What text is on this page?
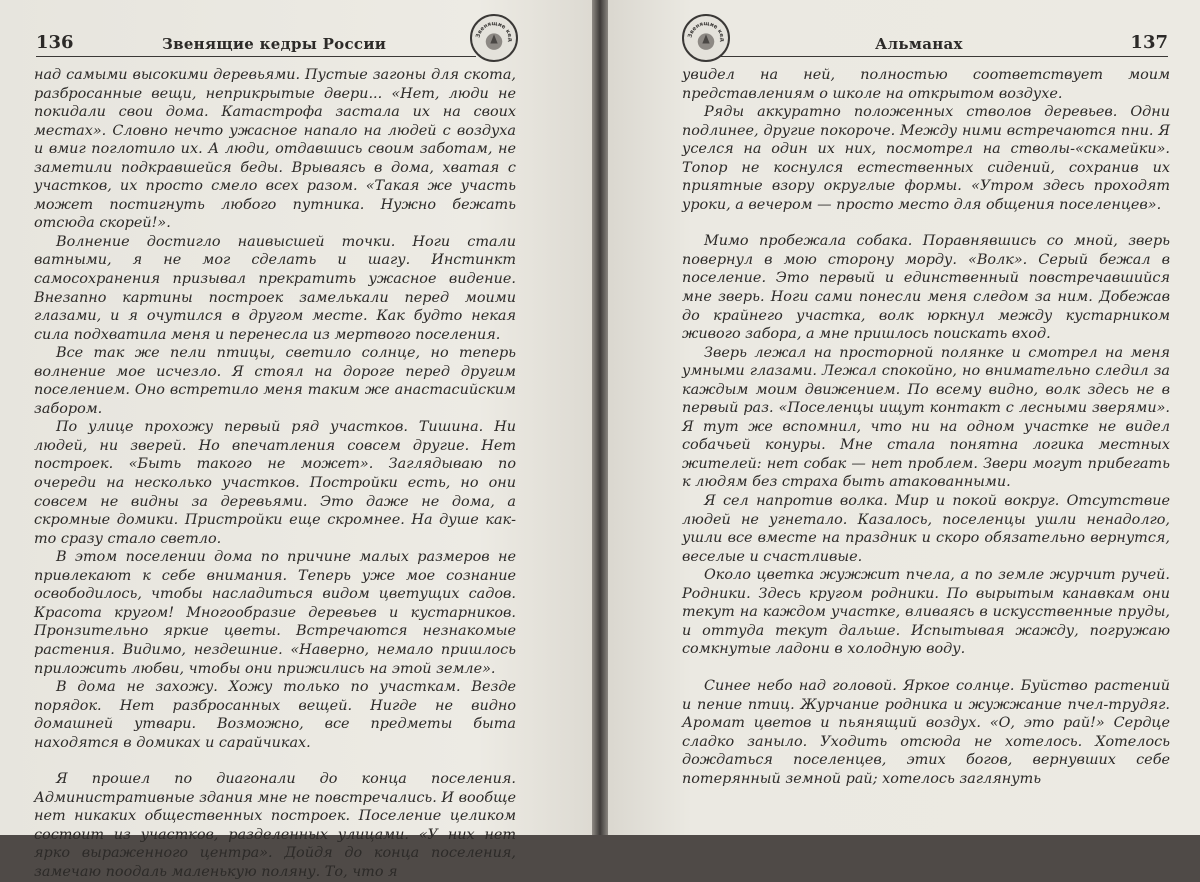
136	Звенящие кедры России	Звенящие кед

над самыми высокими деревьями. Пустые загоны для скота, разбросанные вещи, неприкрытые двери... «Нет, люди не покидали свои дома. Катастрофа застала их на своих местах». Словно нечто ужасное напало на людей с воздуха и вмиг поглотило их. А люди, отдавшись своим заботам, не заметили подкравшейся беды. Врываясь в дома, хватая с участков, их просто смело всех разом. «Такая же участь может постигнуть любого путника. Нужно бежать отсюда скорей!».

Волнение достигло наивысшей точки. Ноги стали ватными, я не мог сделать и шагу. Инстинкт самосохранения призывал прекратить ужасное видение. Внезапно картины построек замелькали перед моими глазами, и я очутился в другом месте. Как будто некая сила подхватила меня и перенесла из мертвого поселения.

Все так же пели птицы, светило солнце, но теперь волнение мое исчезло. Я стоял на дороге перед другим поселением. Оно встретило меня таким же анастасийским забором.

По улице прохожу первый ряд участков. Тишина. Ни людей, ни зверей. Но впечатления совсем другие. Нет построек. «Быть такого не может». Заглядываю по очереди на несколько участков. Постройки есть, но они совсем не видны за деревьями. Это даже не дома, а скромные домики. Пристройки еще скромнее. На душе как-то сразу стало светло.

В этом поселении дома по причине малых размеров не привлекают к себе внимания. Теперь уже мое сознание освободилось, чтобы насладиться видом цветущих садов. Красота кругом! Многообразие деревьев и кустарников. Пронзительно яркие цветы. Встречаются незнакомые растения. Видимо, нездешние. «Наверно, немало пришлось приложить любви, чтобы они прижились на этой земле».

В дома не захожу. Хожу только по участкам. Везде порядок. Нет разбросанных вещей. Нигде не видно домашней утвари. Возможно, все предметы быта находятся в домиках и сарайчиках.

Я прошел по диагонали до конца поселения. Административные здания мне не повстречались. И вообще нет никаких общественных построек. Поселение целиком состоит из участков, разделенных улицами. «У них нет ярко выраженного центра». Дойдя до конца поселения, замечаю поодаль маленькую поляну. То, что я

Альманах	137
Звенящие кед

увидел на ней, полностью соответствует моим представлениям о школе на открытом воздухе.

Ряды аккуратно положенных стволов деревьев. Одни подлинее, другие покороче. Между ними встречаются пни. Я уселся на один их них, посмотрел на стволы-«скамейки». Топор не коснулся естественных сидений, сохранив их приятные взору округлые формы. «Утром здесь проходят уроки, а вечером — просто место для общения поселенцев».

Мимо пробежала собака. Поравнявшись со мной, зверь повернул в мою сторону морду. «Волк». Серый бежал в поселение. Это первый и единственный повстречавшийся мне зверь. Ноги сами понесли меня следом за ним. Добежав до крайнего участка, волк юркнул между кустарником живого забора, а мне пришлось поискать вход.

Зверь лежал на просторной полянке и смотрел на меня умными глазами. Лежал спокойно, но внимательно следил за каждым моим движением. По всему видно, волк здесь не в первый раз. «Поселенцы ищут контакт с лесными зверями». Я тут же вспомнил, что ни на одном участке не видел собачьей конуры. Мне стала понятна логика местных жителей: нет собак — нет проблем. Звери могут прибегать к людям без страха быть атакованными.

Я сел напротив волка. Мир и покой вокруг. Отсутствие людей не угнетало. Казалось, поселенцы ушли ненадолго, ушли все вместе на праздник и скоро обязательно вернутся, веселые и счастливые.

Около цветка жужжит пчела, а по земле журчит ручей. Родники. Здесь кругом родники. По вырытым канавкам они текут на каждом участке, вливаясь в искусственные пруды, и оттуда текут дальше. Испытывая жажду, погружаю сомкнутые ладони в холодную воду.

Синее небо над головой. Яркое солнце. Буйство растений и пение птиц. Журчание родника и жужжание пчел-трудяг. Аромат цветов и пьянящий воздух. «О, это рай!» Сердце сладко заныло. Уходить отсюда не хотелось. Хотелось дождаться поселенцев, этих богов, вернувших себе потерянный земной рай; хотелось заглянуть
